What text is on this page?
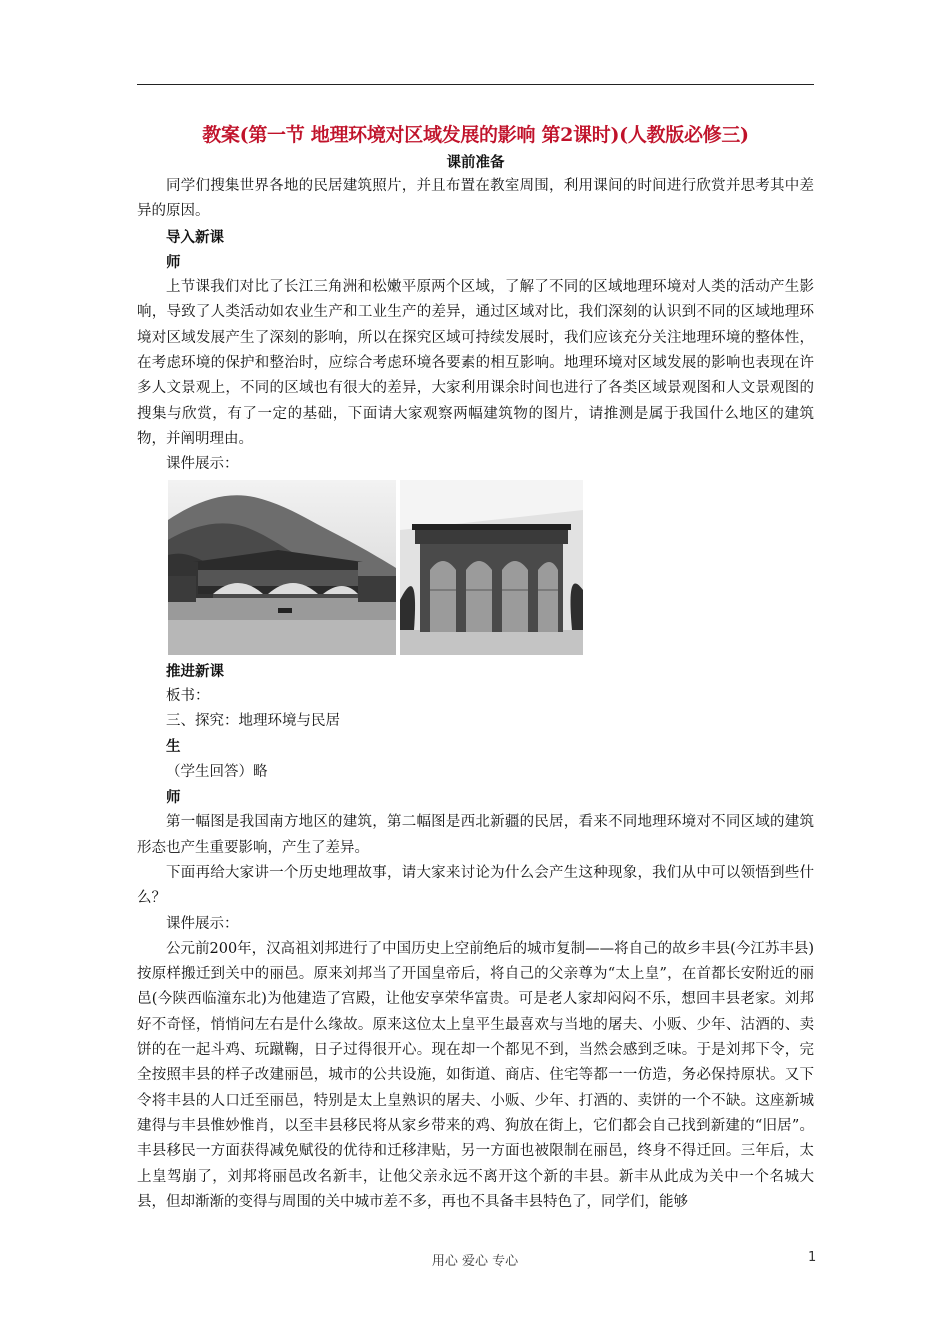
教案(第一节 地理环境对区域发展的影响 第2课时)(人教版必修三)

课前准备

同学们搜集世界各地的民居建筑照片，并且布置在教室周围，利用课间的时间进行欣赏并思考其中差异的原因。

导入新课

师

上节课我们对比了长江三角洲和松嫩平原两个区域，了解了不同的区域地理环境对人类的活动产生影响，导致了人类活动如农业生产和工业生产的差异，通过区域对比，我们深刻的认识到不同的区域地理环境对区域发展产生了深刻的影响，所以在探究区域可持续发展时，我们应该充分关注地理环境的整体性，在考虑环境的保护和整治时，应综合考虑环境各要素的相互影响。地理环境对区域发展的影响也表现在许多人文景观上，不同的区域也有很大的差异，大家利用课余时间也进行了各类区域景观图和人文景观图的搜集与欣赏，有了一定的基础，下面请大家观察两幅建筑物的图片，请推测是属于我国什么地区的建筑物，并阐明理由。

课件展示：

推进新课

板书：

三、探究：地理环境与民居

生

（学生回答）略

师

第一幅图是我国南方地区的建筑，第二幅图是西北新疆的民居，看来不同地理环境对不同区域的建筑形态也产生重要影响，产生了差异。

下面再给大家讲一个历史地理故事，请大家来讨论为什么会产生这种现象，我们从中可以领悟到些什么？

课件展示：

公元前200年，汉高祖刘邦进行了中国历史上空前绝后的城市复制——将自己的故乡丰县(今江苏丰县)按原样搬迁到关中的丽邑。原来刘邦当了开国皇帝后，将自己的父亲尊为“太上皇”，在首都长安附近的丽邑(今陕西临潼东北)为他建造了宫殿，让他安享荣华富贵。可是老人家却闷闷不乐，想回丰县老家。刘邦好不奇怪，悄悄问左右是什么缘故。原来这位太上皇平生最喜欢与当地的屠夫、小贩、少年、沽酒的、卖饼的在一起斗鸡、玩蹴鞠，日子过得很开心。现在却一个都见不到，当然会感到乏味。于是刘邦下令，完全按照丰县的样子改建丽邑，城市的公共设施，如街道、商店、住宅等都一一仿造，务必保持原状。又下令将丰县的人口迁至丽邑，特别是太上皇熟识的屠夫、小贩、少年、打酒的、卖饼的一个不缺。这座新城建得与丰县惟妙惟肖，以至丰县移民将从家乡带来的鸡、狗放在街上，它们都会自己找到新建的“旧居”。丰县移民一方面获得减免赋役的优待和迁移津贴，另一方面也被限制在丽邑，终身不得迁回。三年后，太上皇驾崩了，刘邦将丽邑改名新丰，让他父亲永远不离开这个新的丰县。新丰从此成为关中一个名城大县，但却渐渐的变得与周围的关中城市差不多，再也不具备丰县特色了，同学们，能够

用心 爱心 专心	1
